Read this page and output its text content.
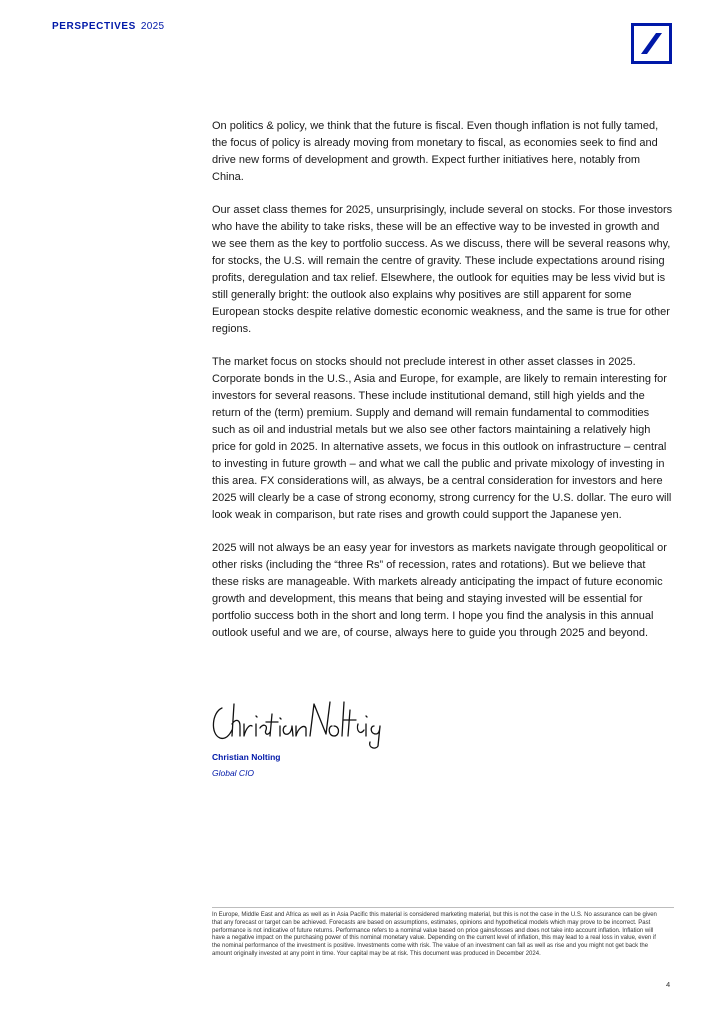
PERSPECTIVES 2025

On politics & policy, we think that the future is fiscal. Even though inflation is not fully tamed, the focus of policy is already moving from monetary to fiscal, as economies seek to find and drive new forms of development and growth. Expect further initiatives here, notably from China.

Our asset class themes for 2025, unsurprisingly, include several on stocks. For those investors who have the ability to take risks, these will be an effective way to be invested in growth and we see them as the key to portfolio success. As we discuss, there will be several reasons why, for stocks, the U.S. will remain the centre of gravity. These include expectations around rising profits, deregulation and tax relief. Elsewhere, the outlook for equities may be less vivid but is still generally bright: the outlook also explains why positives are still apparent for some European stocks despite relative domestic economic weakness, and the same is true for other regions.

The market focus on stocks should not preclude interest in other asset classes in 2025. Corporate bonds in the U.S., Asia and Europe, for example, are likely to remain interesting for investors for several reasons. These include institutional demand, still high yields and the return of the (term) premium. Supply and demand will remain fundamental to commodities such as oil and industrial metals but we also see other factors maintaining a relatively high price for gold in 2025. In alternative assets, we focus in this outlook on infrastructure – central to investing in future growth – and what we call the public and private mixology of investing in this area. FX considerations will, as always, be a central consideration for investors and here 2025 will clearly be a case of strong economy, strong currency for the U.S. dollar. The euro will look weak in comparison, but rate rises and growth could support the Japanese yen.

2025 will not always be an easy year for investors as markets navigate through geopolitical or other risks (including the “three Rs” of recession, rates and rotations). But we believe that these risks are manageable. With markets already anticipating the impact of future economic growth and development, this means that being and staying invested will be essential for portfolio success both in the short and long term. I hope you find the analysis in this annual outlook useful and we are, of course, always here to guide you through 2025 and beyond.

Christian Nolting
Global CIO
In Europe, Middle East and Africa as well as in Asia Pacific this material is considered marketing material, but this is not the case in the U.S. No assurance can be given that any forecast or target can be achieved. Forecasts are based on assumptions, estimates, opinions and hypothetical models which may prove to be incorrect. Past performance is not indicative of future returns. Performance refers to a nominal value based on price gains/losses and does not take into account inflation. Inflation will have a negative impact on the purchasing power of this nominal monetary value. Depending on the current level of inflation, this may lead to a real loss in value, even if the nominal performance of the investment is positive. Investments come with risk. The value of an investment can fall as well as rise and you might not get back the amount originally invested at any point in time. Your capital may be at risk. This document was produced in December 2024.
4
